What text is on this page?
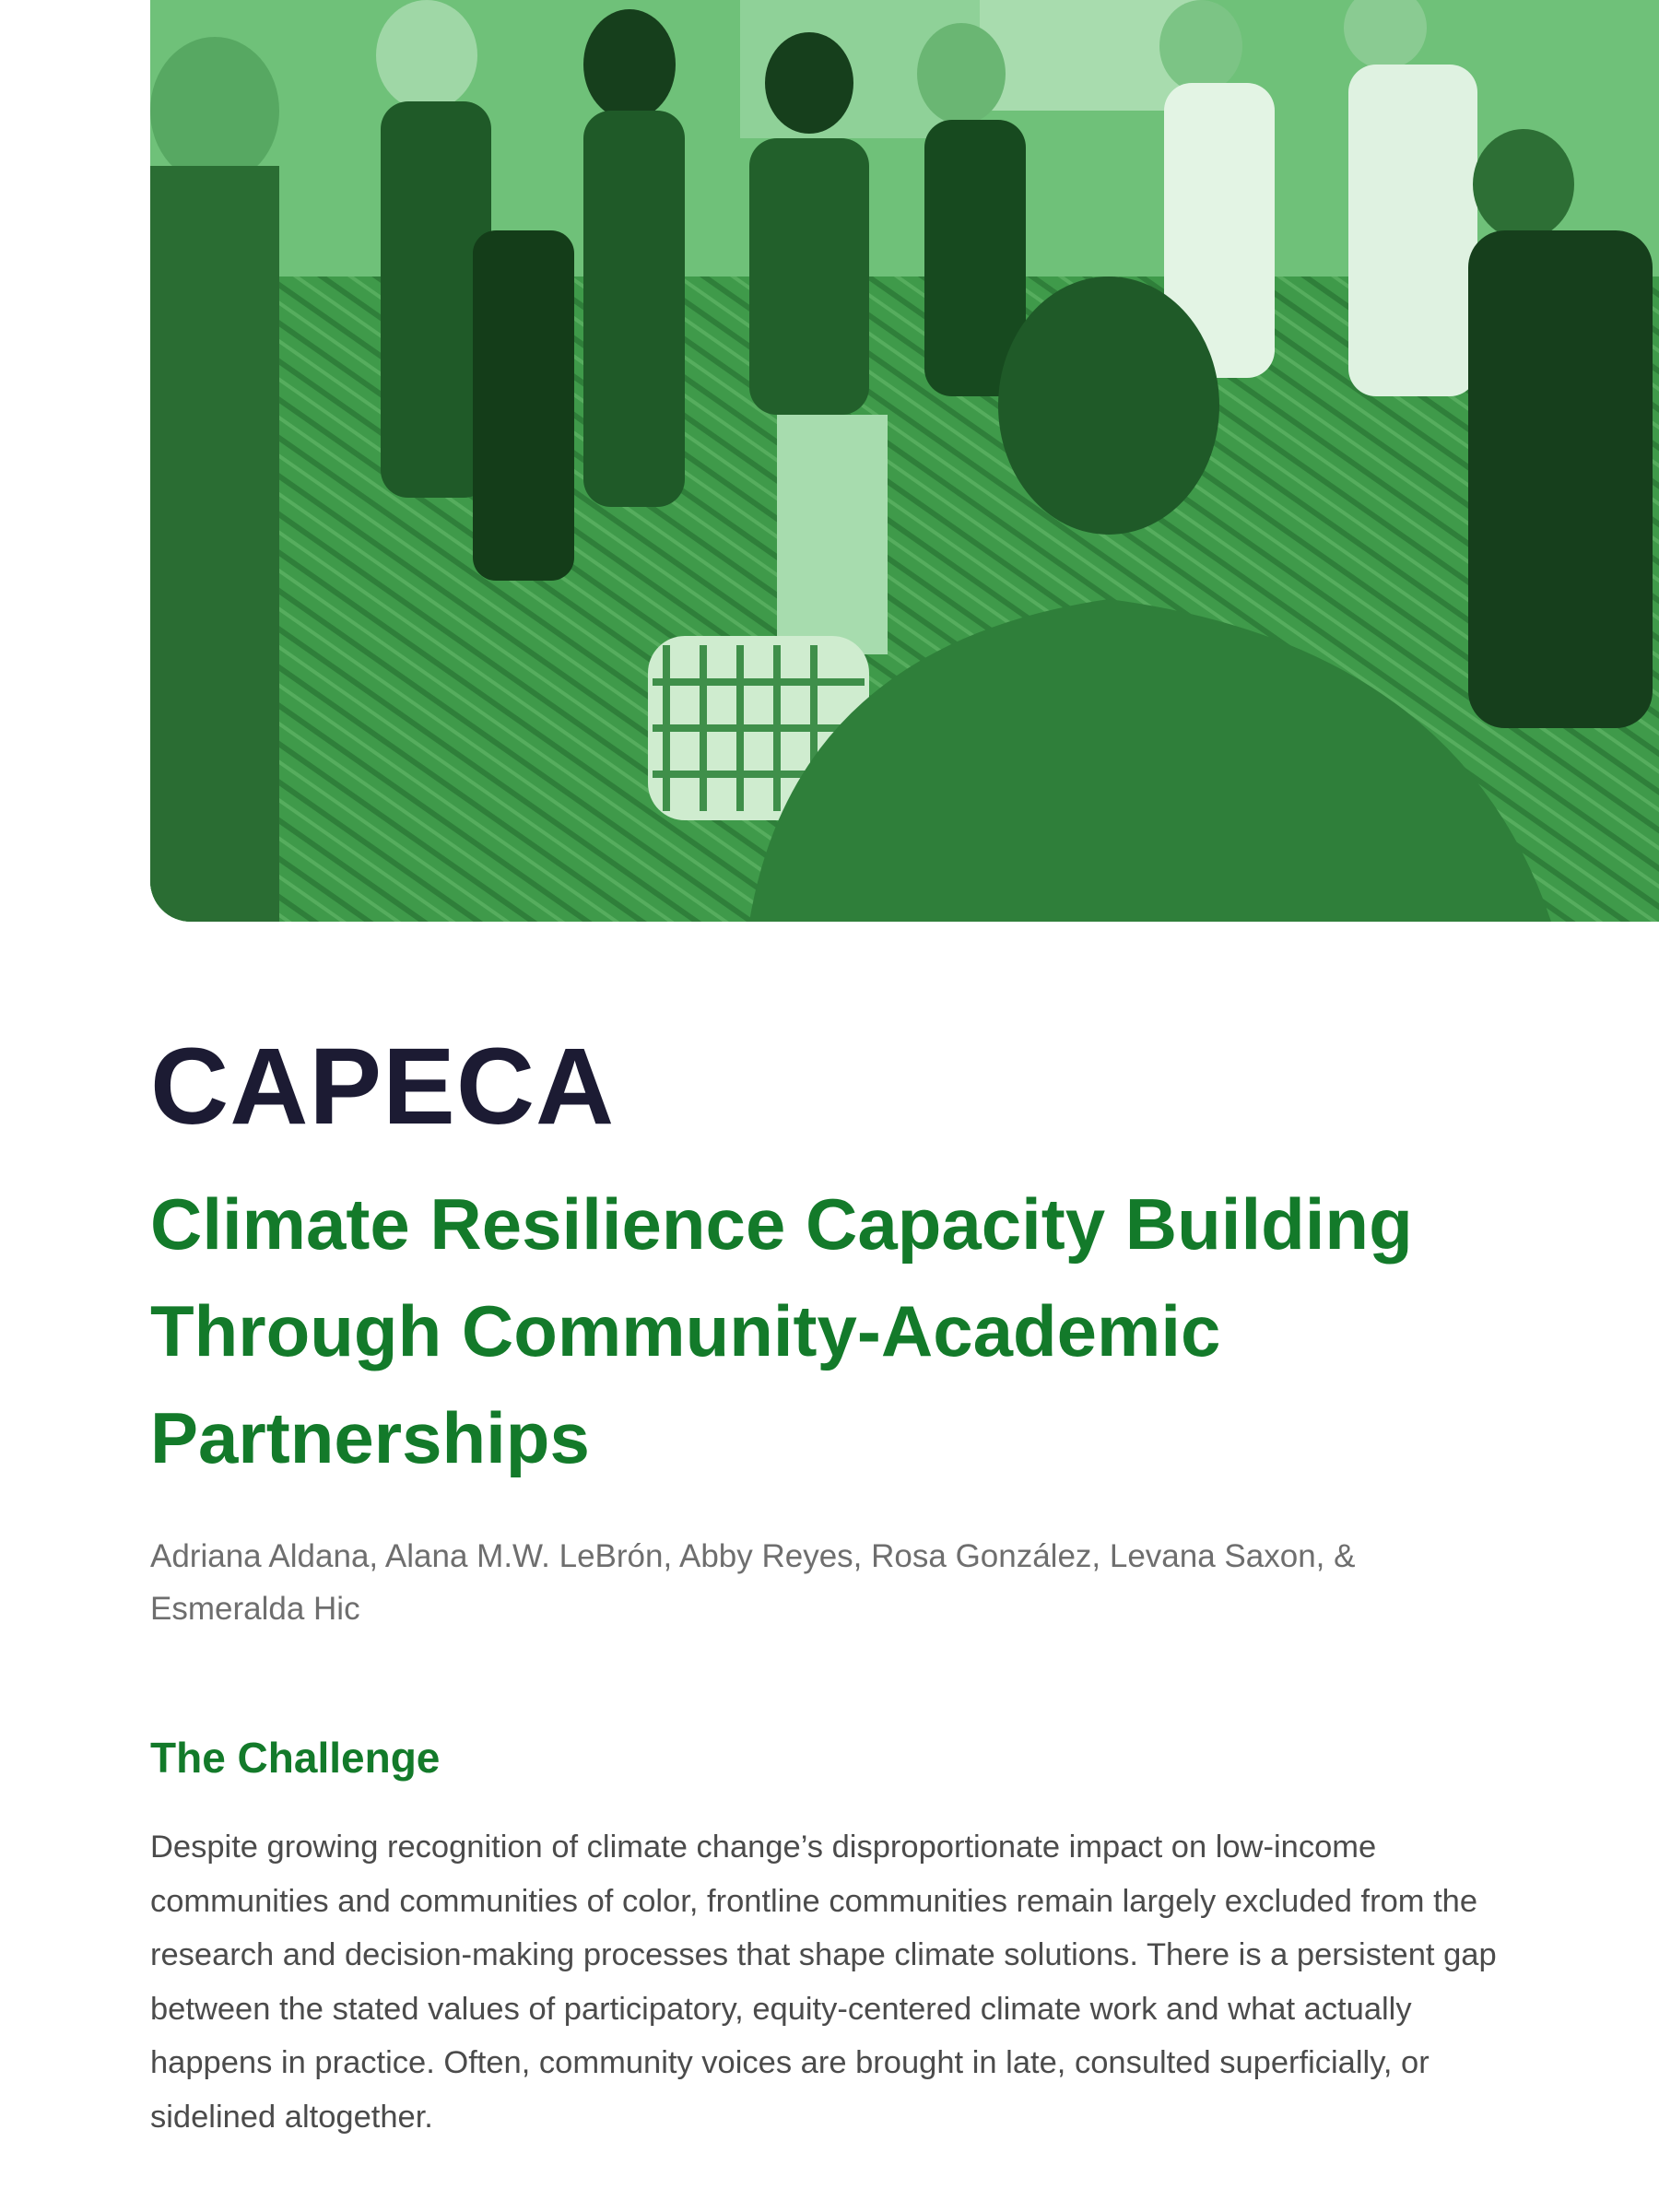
CAPECA
Climate Resilience Capacity Building Through Community-Academic Partnerships

Adriana Aldana, Alana M.W. LeBrón, Abby Reyes, Rosa González, Levana Saxon, & Esmeralda Hic

The Challenge

Despite growing recognition of climate change’s disproportionate impact on low-income communities and communities of color, frontline communities remain largely excluded from the research and decision-making processes that shape climate solutions. There is a persistent gap between the stated values of participatory, equity-centered climate work and what actually happens in practice. Often, community voices are brought in late, consulted superficially, or sidelined altogether.
